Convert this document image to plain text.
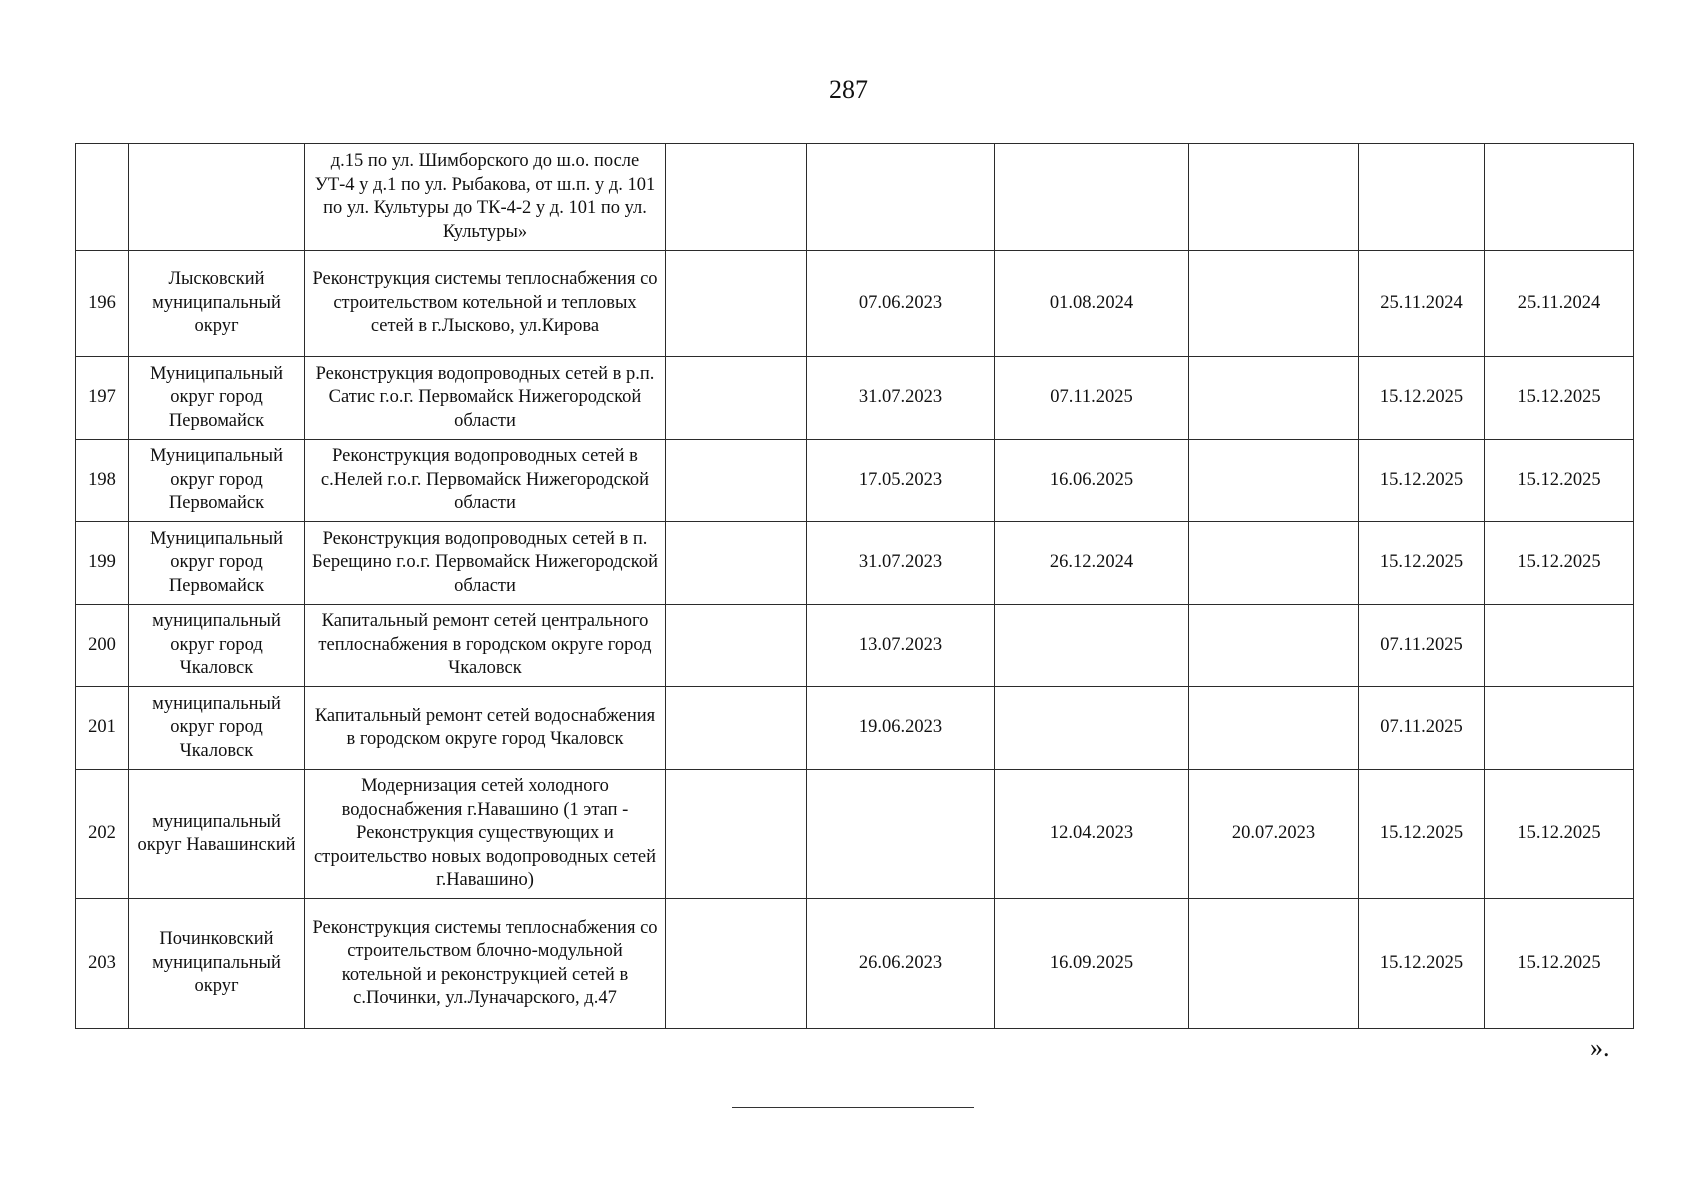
287
		д.15 по ул. Шимборского до ш.о. после УТ-4 у д.1 по ул. Рыбакова, от ш.п. у д. 101 по ул. Культуры до ТК-4-2 у д. 101 по ул. Культуры»						
196	Лысковский муниципальный округ	Реконструкция системы теплоснабжения со строительством котельной и тепловых сетей в г.Лысково, ул.Кирова		07.06.2023	01.08.2024		25.11.2024	25.11.2024
197	Муниципальный округ город Первомайск	Реконструкция водопроводных сетей в р.п. Сатис г.о.г. Первомайск Нижегородской области		31.07.2023	07.11.2025		15.12.2025	15.12.2025
198	Муниципальный округ город Первомайск	Реконструкция водопроводных сетей в с.Нелей г.о.г. Первомайск Нижегородской области		17.05.2023	16.06.2025		15.12.2025	15.12.2025
199	Муниципальный округ город Первомайск	Реконструкция водопроводных сетей в п. Берещино г.о.г. Первомайск Нижегородской области		31.07.2023	26.12.2024		15.12.2025	15.12.2025
200	муниципальный округ город Чкаловск	Капитальный ремонт сетей центрального теплоснабжения в городском округе город Чкаловск		13.07.2023			07.11.2025	
201	муниципальный округ город Чкаловск	Капитальный ремонт сетей водоснабжения в городском округе город Чкаловск		19.06.2023			07.11.2025	
202	муниципальный округ Навашинский	Модернизация сетей холодного водоснабжения г.Навашино (1 этап - Реконструкция существующих и строительство новых водопроводных сетей г.Навашино)			12.04.2023	20.07.2023	15.12.2025	15.12.2025
203	Починковский муниципальный округ	Реконструкция системы теплоснабжения со строительством блочно-модульной котельной и реконструкцией сетей в с.Починки, ул.Луначарского, д.47		26.06.2023	16.09.2025		15.12.2025	15.12.2025
».
